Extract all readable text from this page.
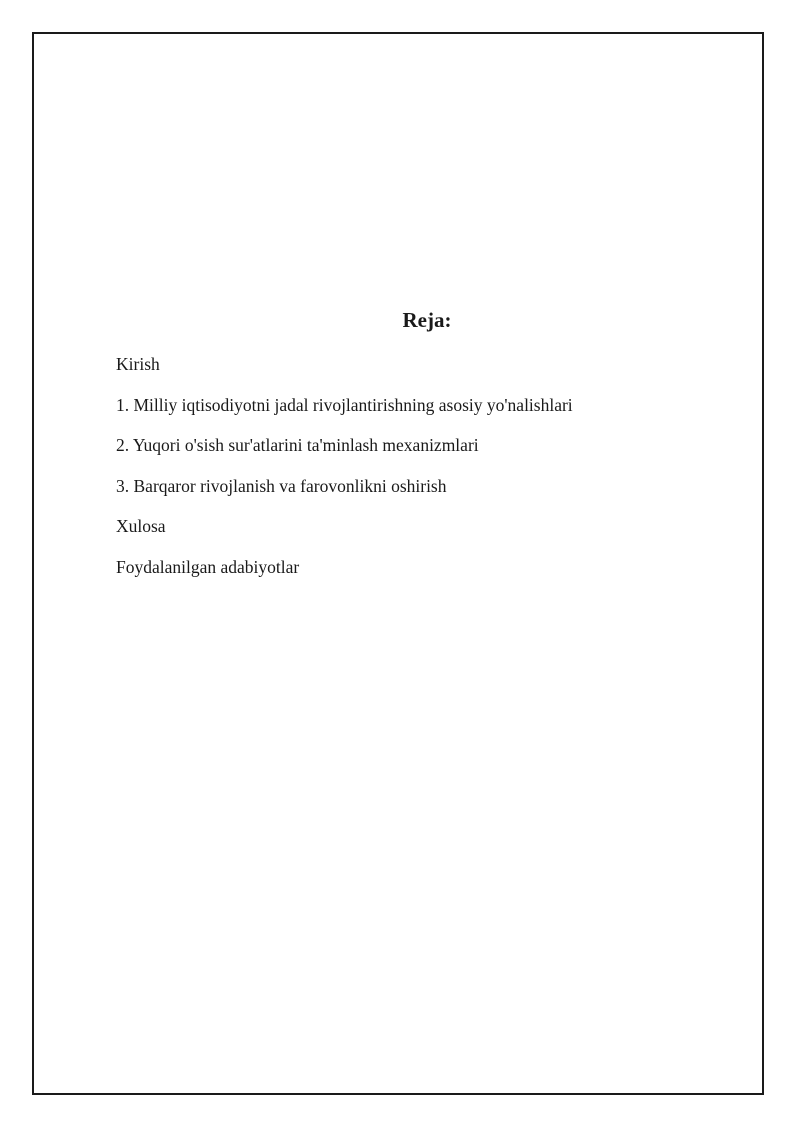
Reja:
Kirish
1. Milliy iqtisodiyotni jadal rivojlantirishning asosiy yo'nalishlari
2. Yuqori o'sish sur'atlarini ta'minlash mexanizmlari
3. Barqaror rivojlanish va farovonlikni oshirish
Xulosa
Foydalanilgan adabiyotlar
